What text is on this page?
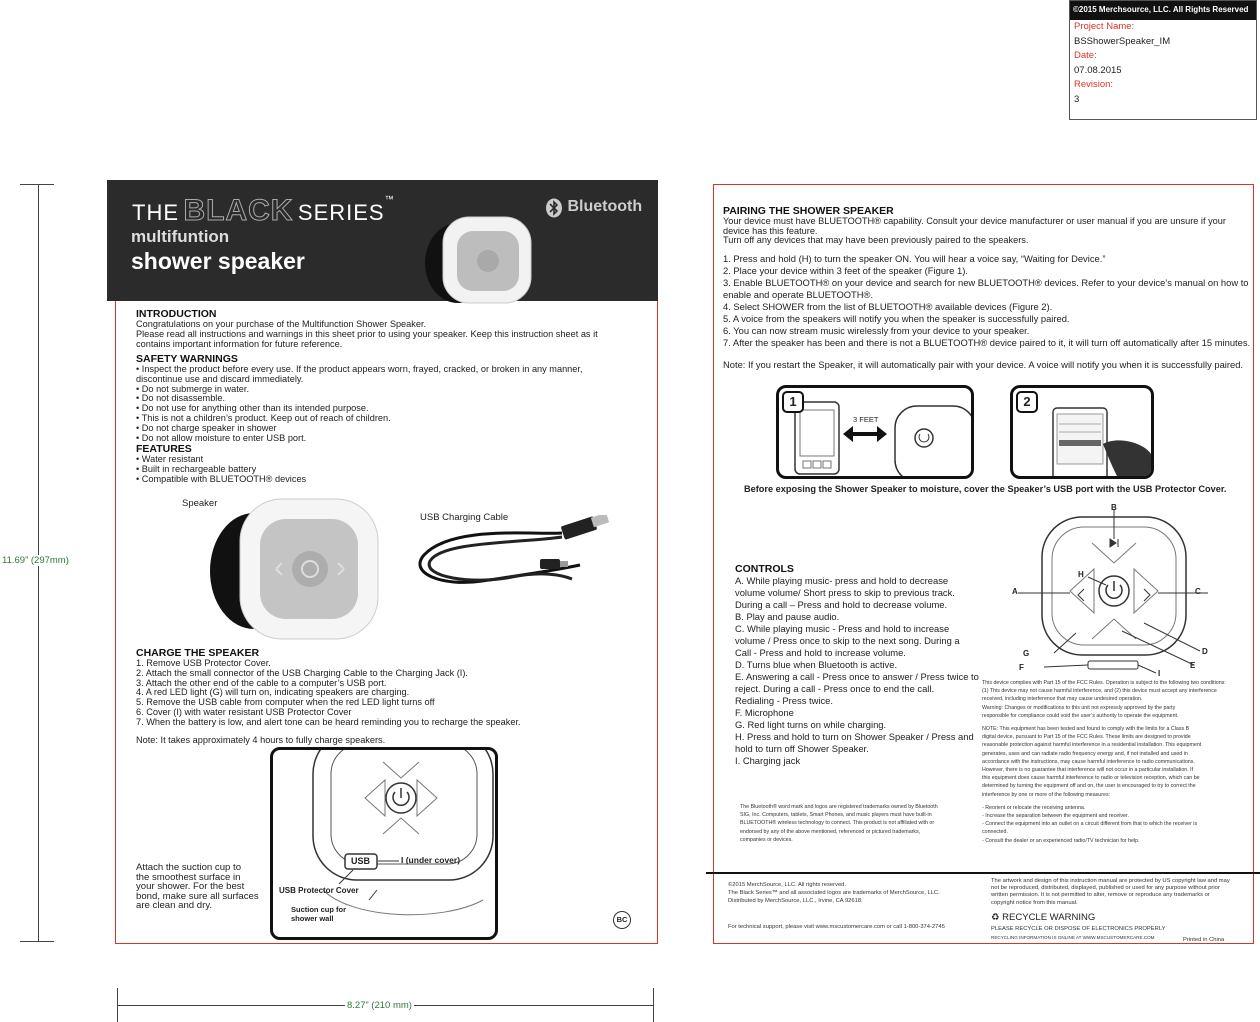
©2015 Merchsource, LLC. All Rights Reserved
Project Name:
BSShowerSpeaker_IM
Date:
07.08.2015
Revision:
3
11.69” (297mm)
8.27” (210 mm)
THE BLACK SERIES™
multifuntion
shower speaker
Bluetooth
INTRODUCTION
Congratulations on your purchase of the Multifunction Shower Speaker.
Please read all instructions and warnings in this sheet prior to using your speaker. Keep this instruction sheet as it
contains important information for future reference.
SAFETY WARNINGS
• Inspect the product before every use. If the product appears worn, frayed, cracked, or broken in any manner,
discontinue use and discard immediately.
• Do not submerge in water.
• Do not disassemble.
• Do not use for anything other than its intended purpose.
• This is not a children’s product. Keep out of reach of children.
• Do not charge speaker in shower
• Do not allow moisture to enter USB port.
FEATURES
• Water resistant
• Built in rechargeable battery
• Compatible with BLUETOOTH® devices
Speaker
USB Charging Cable
CHARGE THE SPEAKER
1. Remove USB Protector Cover.
2. Attach the small connector of the USB Charging Cable to the Charging Jack (I).
3. Attach the other end of the cable to a computer’s USB port.
4. A red LED light (G) will turn on, indicating speakers are charging.
5. Remove the USB cable from computer when the red LED light turns off
6. Cover (I) with water resistant USB Protector Cover
7. When the battery is low, and alert tone can be heard reminding you to recharge the speaker.
Note: It takes approximately 4 hours to fully charge speakers.
Attach the suction cup to
the smoothest surface in
your shower. For the best
bond, make sure all surfaces
are clean and dry.
USB	I (under cover)
USB Protector Cover
Suction cup for
shower wall	BC
PAIRING THE SHOWER SPEAKER
Your device must have BLUETOOTH® capability. Consult your device manufacturer or user manual if you are unsure if your
device has this feature.
Turn off any devices that may have been previously paired to the speakers.
1. Press and hold (H) to turn the speaker ON. You will hear a voice say, “Waiting for Device.”
2. Place your device within 3 feet of the speaker (Figure 1).
3. Enable BLUETOOTH® on your device and search for new BLUETOOTH® devices. Refer to your device’s manual on how to
enable and operate BLUETOOTH®.
4. Select SHOWER from the list of BLUETOOTH® available devices (Figure 2).
5. A voice from the speakers will notify you when the speaker is successfully paired.
6. You can now stream music wirelessly from your device to your speaker.
7. After the speaker has been and there is not a BLUETOOTH® device paired to it, it will turn off automatically after 15 minutes.
Note: If you restart the Speaker, it will automatically pair with your device. A voice will notify you when it is successfully paired.
1
3 FEET
2
Before exposing the Shower Speaker to moisture, cover the Speaker’s USB port with the USB Protector Cover.
B
A	C
H
D
E
G
F
I
CONTROLS
A. While playing music- press and hold to decrease
volume volume/ Short press to skip to previous track.
During a call – Press and hold to decrease volume.
B. Play and pause audio.
C. While playing music - Press and hold to increase
volume / Press once to skip to the next song. During a
Call - Press and hold to increase volume.
D. Turns blue when Bluetooth is active.
E. Answering a call - Press once to answer / Press twice to
reject. During a call - Press once to end the call.
Redialing - Press twice.
F. Microphone
G. Red light turns on while charging.
H. Press and hold to turn on Shower Speaker / Press and
hold to turn off Shower Speaker.
I. Charging jack
This device complies with Part 15 of the FCC Rules. Operation is subject to the following two conditions:
(1) This device may not cause harmful interference, and (2) this device must accept any interference
received, including interference that may cause undesired operation.
Warning: Changes or modifications to this unit not expressly approved by the party
responsible for compliance could void the user’s authority to operate the equipment.
NOTE: This equipment has been tested and found to comply with the limits for a Class B
digital device, pursuant to Part 15 of the FCC Rules. These limits are designed to provide
reasonable protection against harmful interference in a residential installation. This equipment
generates, uses and can radiate radio frequency energy and, if not installed and used in
accordance with the instructions, may cause harmful interference to radio communications.
However, there is no guarantee that interference will not occur in a particular installation. If
this equipment does cause harmful interference to radio or television reception, which can be
determined by turning the equipment off and on, the user is encouraged to try to correct the
interference by one or more of the following measures:
- Reorient or relocate the receiving antenna.
- Increase the separation between the equipment and receiver.
- Connect the equipment into an outlet on a circuit different from that to which the receiver is
connected.
- Consult the dealer or an experienced radio/TV technician for help.
The Bluetooth® word mark and logos are registered trademarks owned by Bluetooth
SIG, Inc. Computers, tablets, Smart Phones, and music players must have built-in
BLUETOOTH® wireless technology to connect. This product is not affiliated with or
endorsed by any of the above mentioned, referenced or pictured trademarks,
companies or devices.
©2015 MerchSource, LLC. All rights reserved.
The Black Series™ and all associated logos are trademarks of MerchSource, LLC.
Distributed by MerchSource, LLC., Irvine, CA 92618.
For technical support, please visit www.mscustomercare.com or call 1-800-374-2745
The artwork and design of this instruction manual are protected by US copyright law and may
not be reproduced, distributed, displayed, published or used for any purpose without prior
written permission. It is not permitted to alter, remove or reproduce any trademarks or
copyright notice from this manual.
♻ RECYCLE WARNING
PLEASE RECYCLE OR DISPOSE OF ELECTRONICS PROPERLY
RECYCLING INFORMATION IS ONLINE AT WWW.MSCUSTOMERCARE.COM	Printed in China
